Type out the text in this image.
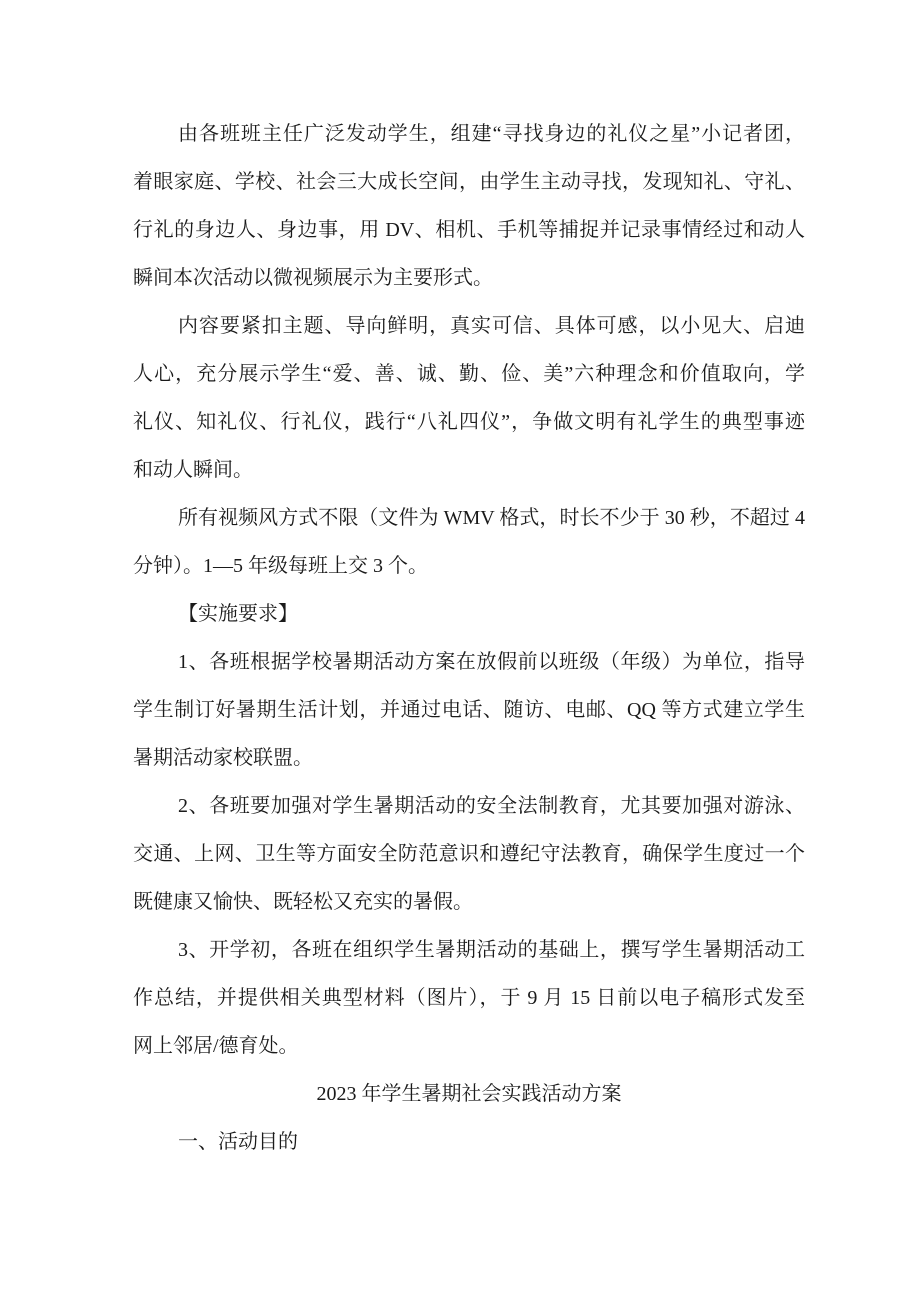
由各班班主任广泛发动学生，组建“寻找身边的礼仪之星”小记者团，
着眼家庭、学校、社会三大成长空间，由学生主动寻找，发现知礼、守礼、
行礼的身边人、身边事，用 DV、相机、手机等捕捉并记录事情经过和动人
瞬间本次活动以微视频展示为主要形式。
内容要紧扣主题、导向鲜明，真实可信、具体可感，以小见大、启迪
人心，充分展示学生“爱、善、诚、勤、俭、美”六种理念和价值取向，学
礼仪、知礼仪、行礼仪，践行“八礼四仪”，争做文明有礼学生的典型事迹
和动人瞬间。
所有视频风方式不限（文件为 WMV 格式，时长不少于 30 秒，不超过 4
分钟）。1—5 年级每班上交 3 个。
【实施要求】
1、各班根据学校暑期活动方案在放假前以班级（年级）为单位，指导
学生制订好暑期生活计划，并通过电话、随访、电邮、QQ 等方式建立学生
暑期活动家校联盟。
2、各班要加强对学生暑期活动的安全法制教育，尤其要加强对游泳、
交通、上网、卫生等方面安全防范意识和遵纪守法教育，确保学生度过一个
既健康又愉快、既轻松又充实的暑假。
3、开学初，各班在组织学生暑期活动的基础上，撰写学生暑期活动工
作总结，并提供相关典型材料（图片），于 9 月 15 日前以电子稿形式发至
网上邻居/德育处。
2023 年学生暑期社会实践活动方案
一、活动目的
